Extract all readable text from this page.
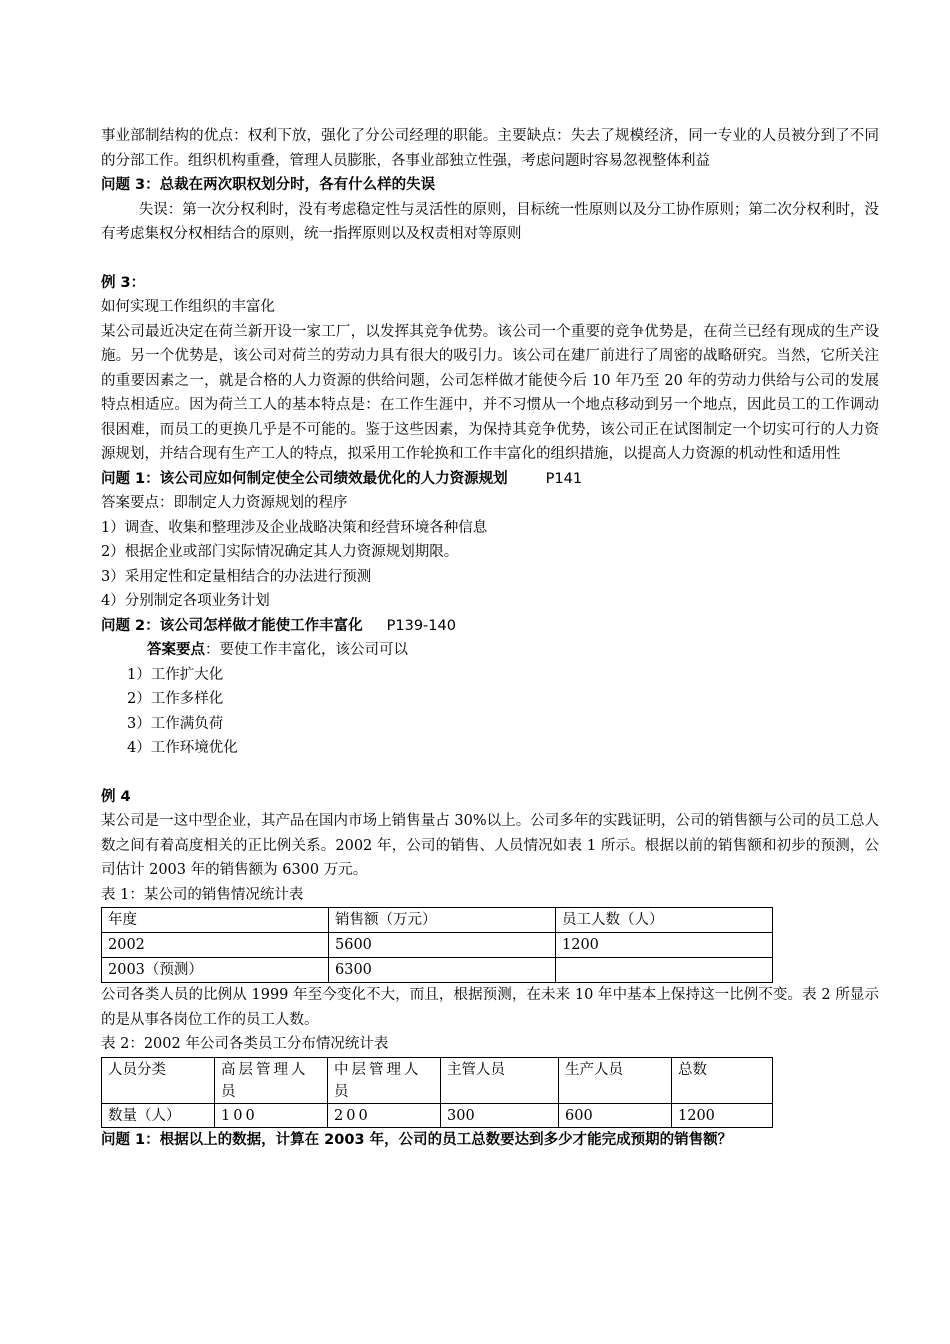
事业部制结构的优点：权利下放，强化了分公司经理的职能。主要缺点：失去了规模经济，同一专业的人员被分到了不同的分部工作。组织机构重叠，管理人员膨胀，各事业部独立性强，考虑问题时容易忽视整体利益

问题 3：总裁在两次职权划分时，各有什么样的失误

失误：第一次分权利时，没有考虑稳定性与灵活性的原则，目标统一性原则以及分工协作原则；第二次分权利时，没有考虑集权分权相结合的原则，统一指挥原则以及权责相对等原则

例 3：

如何实现工作组织的丰富化

某公司最近决定在荷兰新开设一家工厂，以发挥其竞争优势。该公司一个重要的竞争优势是，在荷兰已经有现成的生产设施。另一个优势是，该公司对荷兰的劳动力具有很大的吸引力。该公司在建厂前进行了周密的战略研究。当然，它所关注的重要因素之一，就是合格的人力资源的供给问题，公司怎样做才能使今后 10 年乃至 20 年的劳动力供给与公司的发展特点相适应。因为荷兰工人的基本特点是：在工作生涯中，并不习惯从一个地点移动到另一个地点，因此员工的工作调动很困难，而员工的更换几乎是不可能的。鉴于这些因素，为保持其竞争优势，该公司正在试图制定一个切实可行的人力资源规划，并结合现有生产工人的特点，拟采用工作轮换和工作丰富化的组织措施，以提高人力资源的机动性和适用性

问题 1：该公司应如何制定使全公司绩效最优化的人力资源规划	P141

答案要点：即制定人力资源规划的程序

1）调查、收集和整理涉及企业战略决策和经营环境各种信息

2）根据企业或部门实际情况确定其人力资源规划期限。

3）采用定性和定量相结合的办法进行预测

4）分别制定各项业务计划

问题 2：该公司怎样做才能使工作丰富化 P139-140

答案要点：要使工作丰富化，该公司可以

1）工作扩大化

2）工作多样化

3）工作满负荷

4）工作环境优化

例 4

某公司是一这中型企业，其产品在国内市场上销售量占 30%以上。公司多年的实践证明，公司的销售额与公司的员工总人数之间有着高度相关的正比例关系。2002 年，公司的销售、人员情况如表 1 所示。根据以前的销售额和初步的预测，公司估计 2003 年的销售额为 6300 万元。

表 1：某公司的销售情况统计表

年度	销售额（万元）	员工人数（人）
2002	5600	1200
2003（预测）	6300	

公司各类人员的比例从 1999 年至今变化不大，而且，根据预测，在未来 10 年中基本上保持这一比例不变。表 2 所显示的是从事各岗位工作的员工人数。

表 2：2002 年公司各类员工分布情况统计表

人员分类	高层管理人员	中层管理人员	主管人员	生产人员	总数
数量（人）	100	200	300	600	1200

问题 1：根据以上的数据，计算在 2003 年，公司的员工总数要达到多少才能完成预期的销售额？
